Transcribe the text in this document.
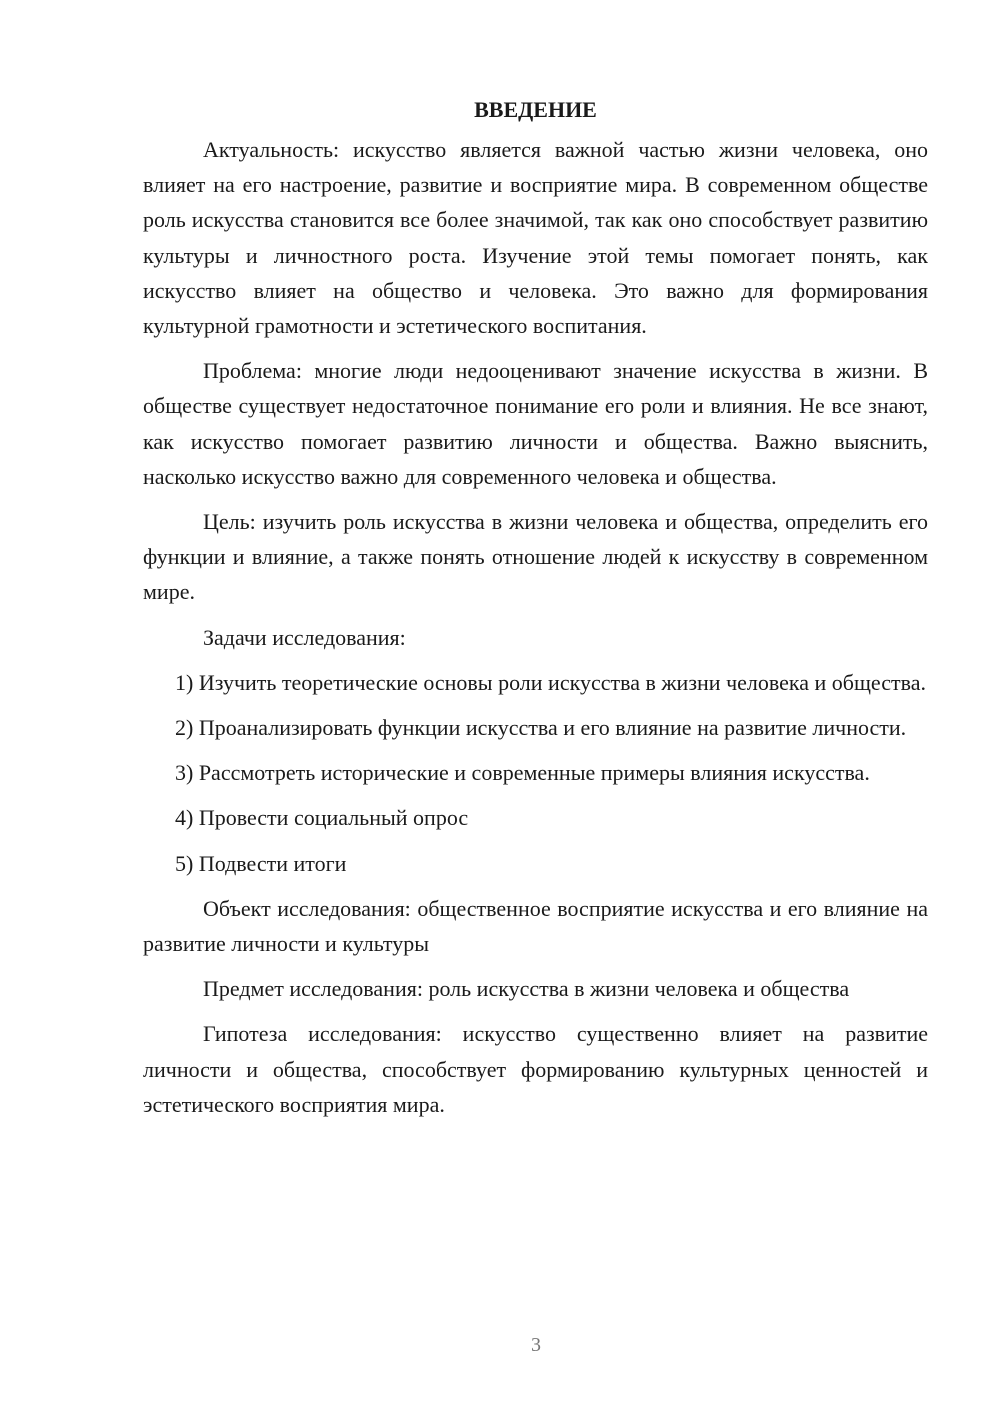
ВВЕДЕНИЕ

Актуальность: искусство является важной частью жизни человека, оно влияет на его настроение, развитие и восприятие мира. В современном обществе роль искусства становится все более значимой, так как оно способствует развитию культуры и личностного роста. Изучение этой темы помогает понять, как искусство влияет на общество и человека. Это важно для формирования культурной грамотности и эстетического воспитания.

Проблема: многие люди недооценивают значение искусства в жизни. В обществе существует недостаточное понимание его роли и влияния. Не все знают, как искусство помогает развитию личности и общества. Важно выяснить, насколько искусство важно для современного человека и общества.

Цель: изучить роль искусства в жизни человека и общества, определить его функции и влияние, а также понять отношение людей к искусству в современном мире.

Задачи исследования:

1) Изучить теоретические основы роли искусства в жизни человека и общества.

2) Проанализировать функции искусства и его влияние на развитие личности.

3) Рассмотреть исторические и современные примеры влияния искусства.

4) Провести социальный опрос

5) Подвести итоги

Объект исследования: общественное восприятие искусства и его влияние на развитие личности и культуры

Предмет исследования: роль искусства в жизни человека и общества

Гипотеза исследования: искусство существенно влияет на развитие личности и общества, способствует формированию культурных ценностей и эстетического восприятия мира.

3
